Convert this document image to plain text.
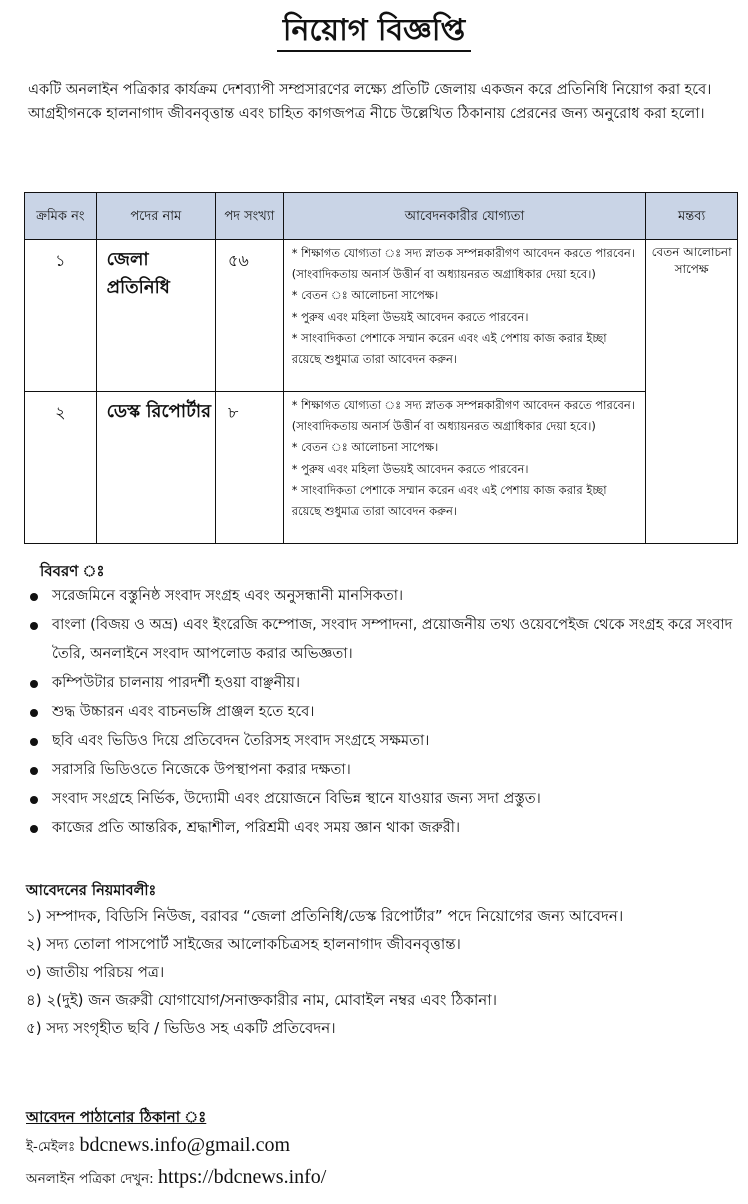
নিয়োগ বিজ্ঞপ্তি

একটি অনলাইন পত্রিকার কার্যক্রম দেশব্যাপী সম্প্রসারণের লক্ষ্যে প্রতিটি জেলায় একজন করে প্রতিনিধি নিয়োগ করা হবে।

আগ্রহীগনকে হালনাগাদ জীবনবৃত্তান্ত এবং চাহিত কাগজপত্র নীচে উল্লেখিত ঠিকানায় প্রেরনের জন্য অনুরোধ করা হলো।

ক্রমিক নং	পদের নাম	পদ সংখ্যা	আবেদনকারীর যোগ্যতা	মন্তব্য
১	জেলা প্রতিনিধি	৫৬	* শিক্ষাগত যোগ্যতা ঃ সদ্য স্নাতক সম্পন্নকারীগণ আবেদন করতে পারবেন। (সাংবাদিকতায় অনার্স উত্তীর্ন বা অধ্যায়নরত অগ্রাধিকার দেয়া হবে।)
* বেতন ঃ আলোচনা সাপেক্ষ।
* পুরুষ এবং মহিলা উভয়ই আবেদন করতে পারবেন।
* সাংবাদিকতা পেশাকে সম্মান করেন এবং এই পেশায় কাজ করার ইচ্ছা রয়েছে শুধুমাত্র তারা আবেদন করুন।	বেতন আলোচনা সাপেক্ষ
২	ডেস্ক রিপোর্টার	৮	* শিক্ষাগত যোগ্যতা ঃ সদ্য স্নাতক সম্পন্নকারীগণ আবেদন করতে পারবেন। (সাংবাদিকতায় অনার্স উত্তীর্ন বা অধ্যায়নরত অগ্রাধিকার দেয়া হবে।)
* বেতন ঃ আলোচনা সাপেক্ষ।
* পুরুষ এবং মহিলা উভয়ই আবেদন করতে পারবেন।
* সাংবাদিকতা পেশাকে সম্মান করেন এবং এই পেশায় কাজ করার ইচ্ছা রয়েছে শুধুমাত্র তারা আবেদন করুন।	
বিবরণ ঃ
সরেজমিনে বস্তুনিষ্ঠ সংবাদ সংগ্রহ এবং অনুসন্ধানী মানসিকতা।
বাংলা (বিজয় ও অভ্র) এবং ইংরেজি কম্পোজ, সংবাদ সম্পাদনা, প্রয়োজনীয় তথ্য ওয়েবপেইজ থেকে সংগ্রহ করে সংবাদ তৈরি, অনলাইনে সংবাদ আপলোড করার অভিজ্ঞতা।
কম্পিউটার চালনায় পারদর্শী হওয়া বাঞ্ছনীয়।
শুদ্ধ উচ্চারন এবং বাচনভঙ্গি প্রাঞ্জল হতে হবে।
ছবি এবং ভিডিও দিয়ে প্রতিবেদন তৈরিসহ সংবাদ সংগ্রহে সক্ষমতা।
সরাসরি ভিডিওতে নিজেকে উপস্থাপনা করার দক্ষতা।
সংবাদ সংগ্রহে নির্ভিক, উদ্যোমী এবং প্রয়োজনে বিভিন্ন স্থানে যাওয়ার জন্য সদা প্রস্তুত।
কাজের প্রতি আন্তরিক, শ্রদ্ধাশীল, পরিশ্রমী এবং সময় জ্ঞান থাকা জরুরী।
আবেদনের নিয়মাবলীঃ
১) সম্পাদক, বিডিসি নিউজ, বরাবর “জেলা প্রতিনিধি/ডেস্ক রিপোর্টার” পদে নিয়োগের জন্য আবেদন।
২) সদ্য তোলা পাসপোর্ট সাইজের আলোকচিত্রসহ হালনাগাদ জীবনবৃত্তান্ত।
৩) জাতীয় পরিচয় পত্র।
৪) ২(দুই) জন জরুরী যোগাযোগ/সনাক্তকারীর নাম, মোবাইল নম্বর এবং ঠিকানা।
৫) সদ্য সংগৃহীত ছবি / ভিডিও সহ একটি প্রতিবেদন।
আবেদন পাঠানোর ঠিকানা ঃ
ই-মেইলঃ bdcnews.info@gmail.com
অনলাইন পত্রিকা দেখুন: https://bdcnews.info/
